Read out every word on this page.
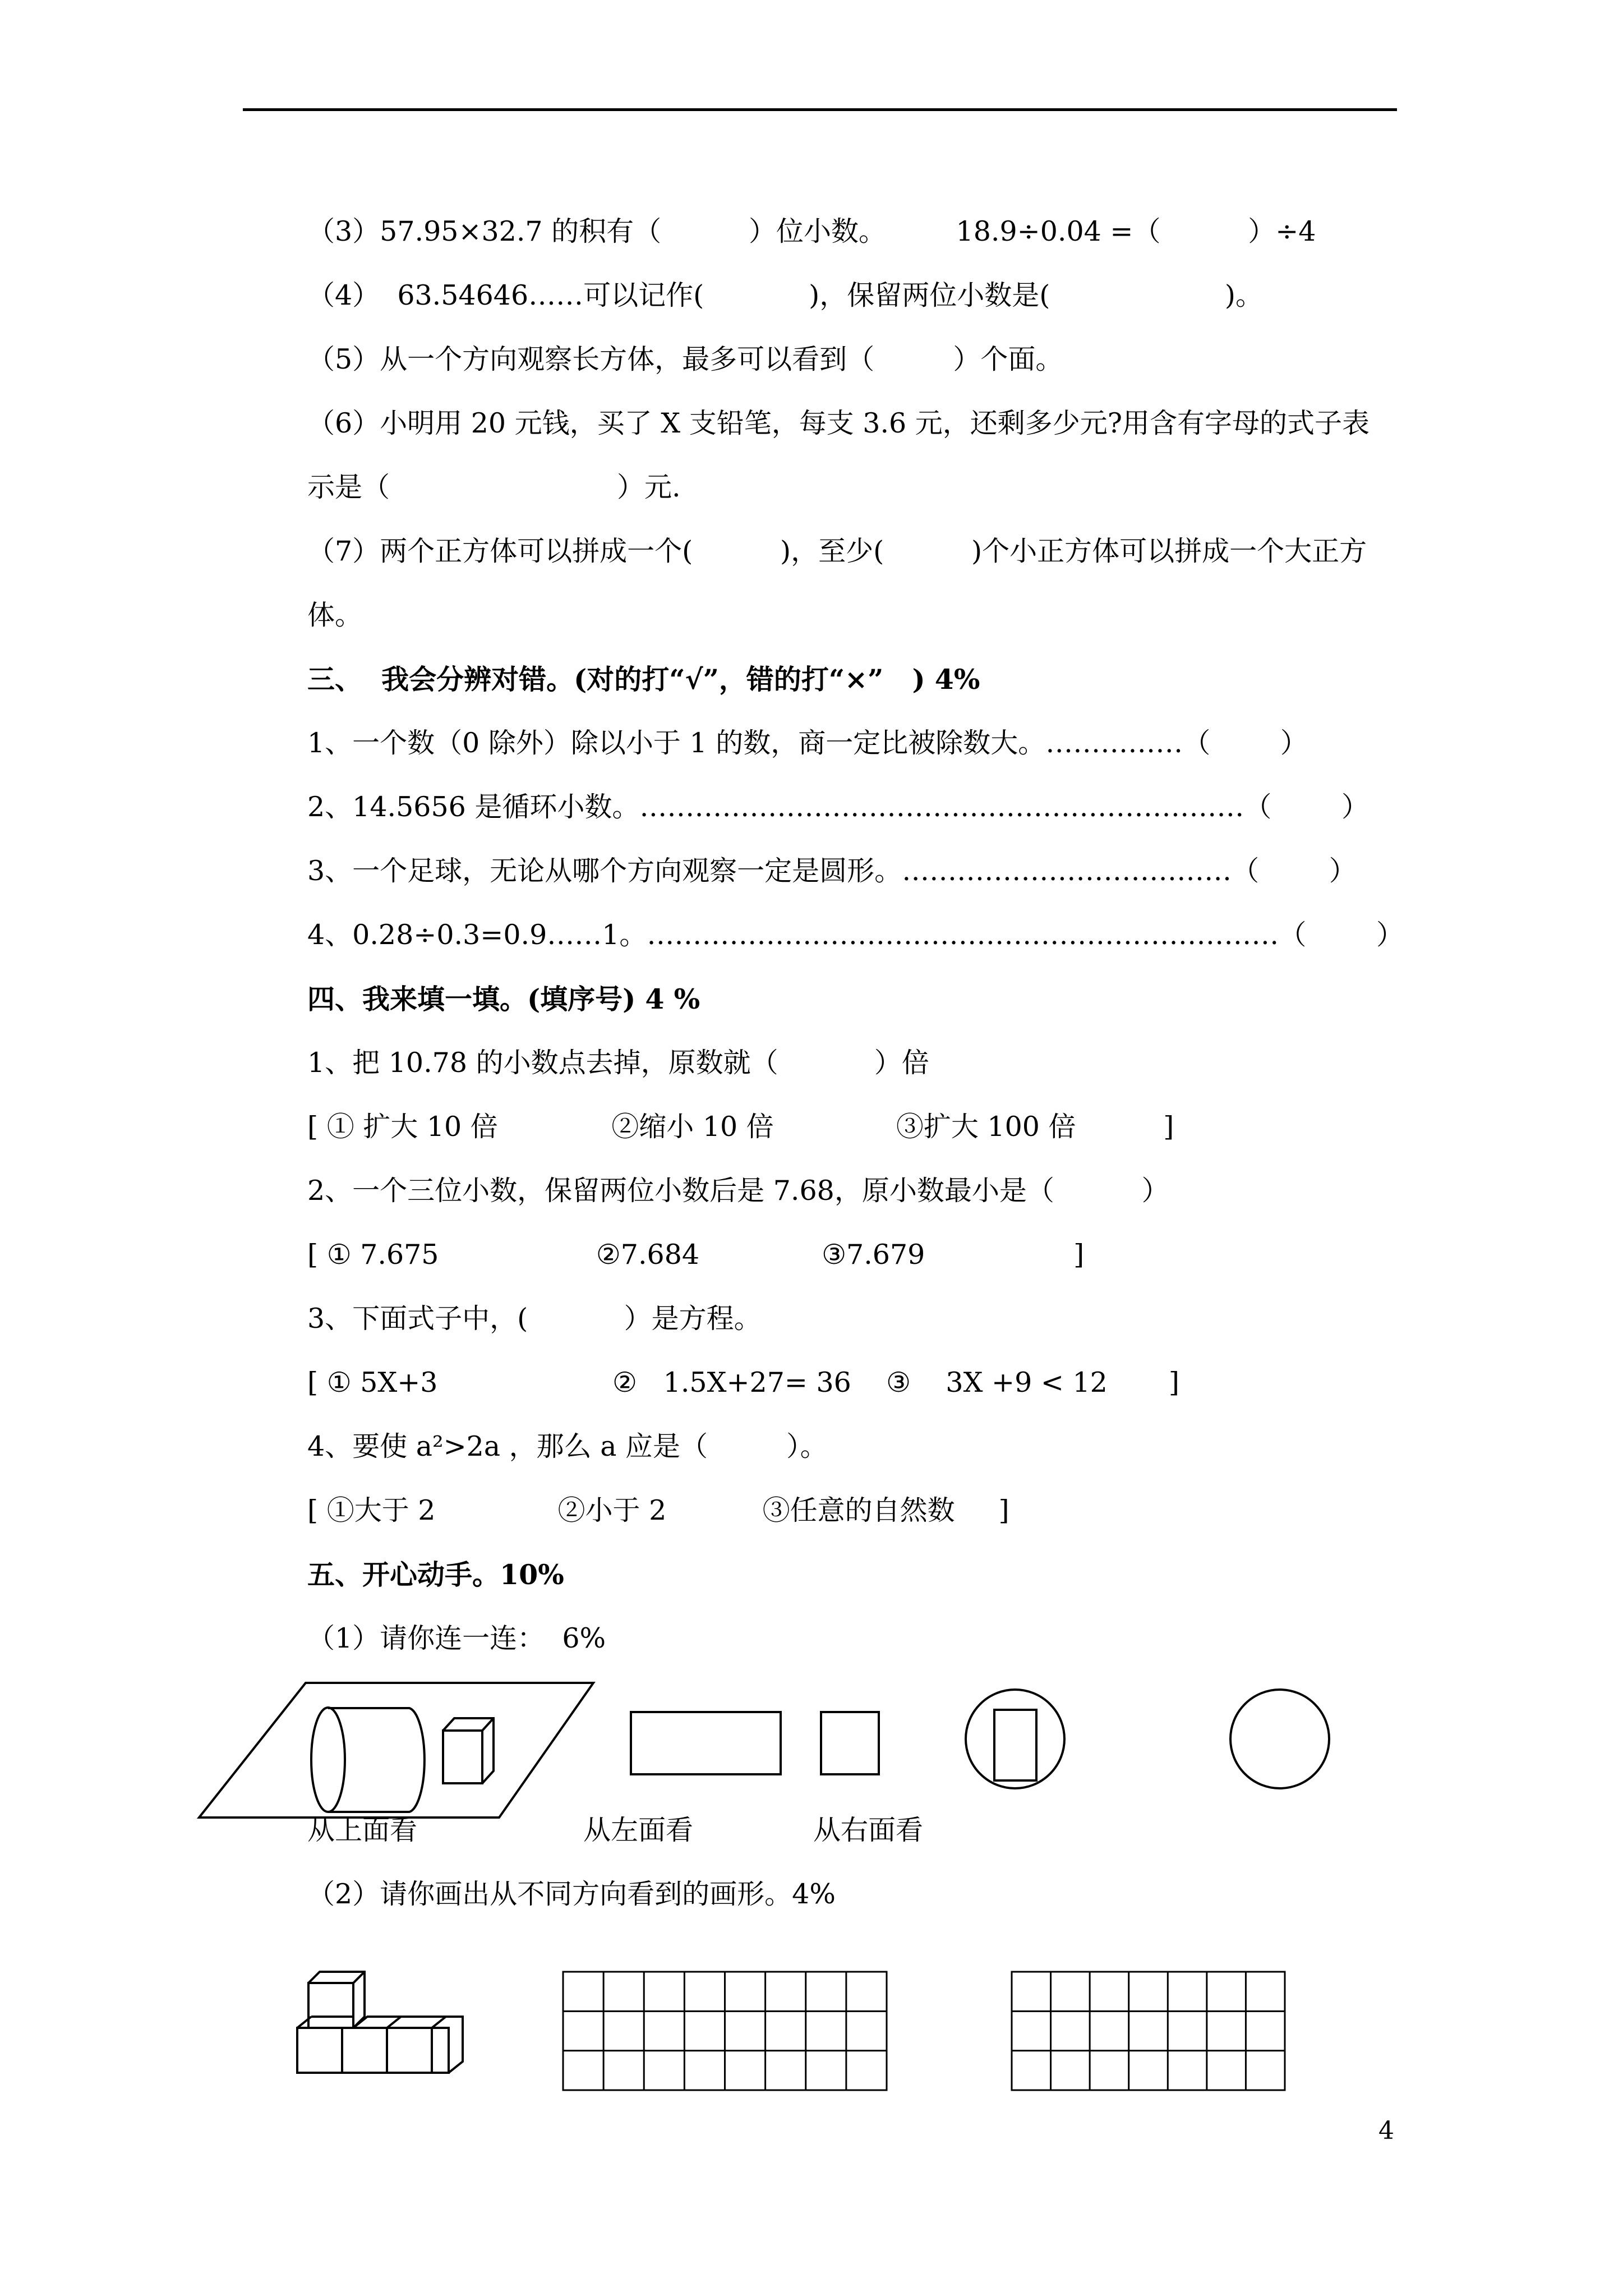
（3）57.95×32.7 的积有（          ）位小数。        18.9÷0.04 =（          ）÷4
（4）  63.54646……可以记作(            )，保留两位小数是(                    )。
（5）从一个方向观察长方体，最多可以看到（         ）个面。
（6）小明用 20 元钱，买了 X 支铅笔，每支 3.6 元，还剩多少元?用含有字母的式子表
示是（                          ）元.
（7）两个正方体可以拼成一个(          )，至少(          )个小正方体可以拼成一个大正方
体。
三、  我会分辨对错。(对的打“√”，错的打“×”   ) 4%
1、一个数（0 除外）除以小于 1 的数，商一定比被除数大。……………（        ）
2、14.5656 是循环小数。…………………………………………………………（        ）
3、一个足球，无论从哪个方向观察一定是圆形。………………………………（        ）
4、0.28÷0.3=0.9……1。……………………………………………………………（        ）
四、我来填一填。(填序号) 4 %
1、把 10.78 的小数点去掉，原数就（           ）倍
[ ① 扩大 10 倍             ②缩小 10 倍              ③扩大 100 倍          ]
2、一个三位小数，保留两位小数后是 7.68，原小数最小是（          ）
[ ① 7.675                  ②7.684              ③7.679                 ]
3、下面式子中，(           ）是方程。
[ ① 5X+3                    ②   1.5X+27= 36    ③    3X +9 < 12       ]
4、要使 a²>2a ，那么 a 应是（         ）。
[ ①大于 2              ②小于 2           ③任意的自然数     ]
五、开心动手。10%
（1）请你连一连：  6%
从上面看	从左面看	从右面看
（2）请你画出从不同方向看到的画形。4%
4
